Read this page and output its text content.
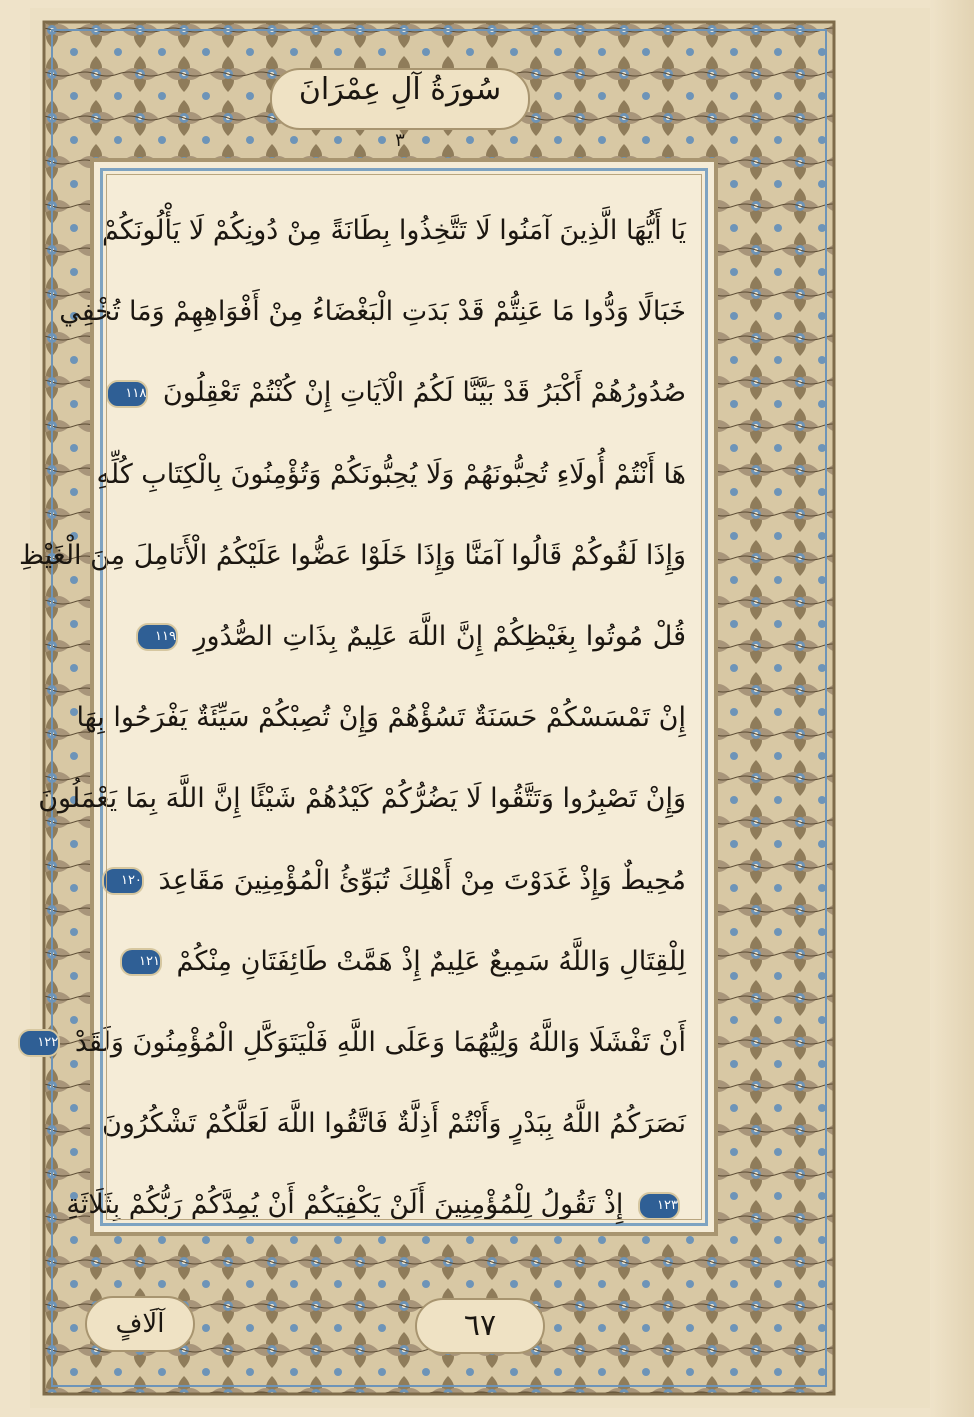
سُورَةُ آلِ عِمْرَانَ
٣
يَا أَيُّهَا الَّذِينَ آمَنُوا لَا تَتَّخِذُوا بِطَانَةً مِنْ دُونِكُمْ لَا يَأْلُونَكُمْ
خَبَالًا وَدُّوا مَا عَنِتُّمْ قَدْ بَدَتِ الْبَغْضَاءُ مِنْ أَفْوَاهِهِمْ وَمَا تُخْفِي
صُدُورُهُمْ أَكْبَرُ قَدْ بَيَّنَّا لَكُمُ الْآيَاتِ إِنْ كُنْتُمْ تَعْقِلُونَ ١١٨
هَا أَنْتُمْ أُولَاءِ تُحِبُّونَهُمْ وَلَا يُحِبُّونَكُمْ وَتُؤْمِنُونَ بِالْكِتَابِ كُلِّهِ
وَإِذَا لَقُوكُمْ قَالُوا آمَنَّا وَإِذَا خَلَوْا عَضُّوا عَلَيْكُمُ الْأَنَامِلَ مِنَ الْغَيْظِ
قُلْ مُوتُوا بِغَيْظِكُمْ إِنَّ اللَّهَ عَلِيمٌ بِذَاتِ الصُّدُورِ ١١٩
إِنْ تَمْسَسْكُمْ حَسَنَةٌ تَسُؤْهُمْ وَإِنْ تُصِبْكُمْ سَيِّئَةٌ يَفْرَحُوا بِهَا
وَإِنْ تَصْبِرُوا وَتَتَّقُوا لَا يَضُرُّكُمْ كَيْدُهُمْ شَيْئًا إِنَّ اللَّهَ بِمَا يَعْمَلُونَ
مُحِيطٌ وَإِذْ غَدَوْتَ مِنْ أَهْلِكَ تُبَوِّئُ الْمُؤْمِنِينَ مَقَاعِدَ ١٢٠
لِلْقِتَالِ وَاللَّهُ سَمِيعٌ عَلِيمٌ إِذْ هَمَّتْ طَائِفَتَانِ مِنْكُمْ ١٢١
أَنْ تَفْشَلَا وَاللَّهُ وَلِيُّهُمَا وَعَلَى اللَّهِ فَلْيَتَوَكَّلِ الْمُؤْمِنُونَ وَلَقَدْ ١٢٢
نَصَرَكُمُ اللَّهُ بِبَدْرٍ وَأَنْتُمْ أَذِلَّةٌ فَاتَّقُوا اللَّهَ لَعَلَّكُمْ تَشْكُرُونَ
١٢٣ إِذْ تَقُولُ لِلْمُؤْمِنِينَ أَلَنْ يَكْفِيَكُمْ أَنْ يُمِدَّكُمْ رَبُّكُمْ بِثَلَاثَةِ
آلَافٍ	٦٧
